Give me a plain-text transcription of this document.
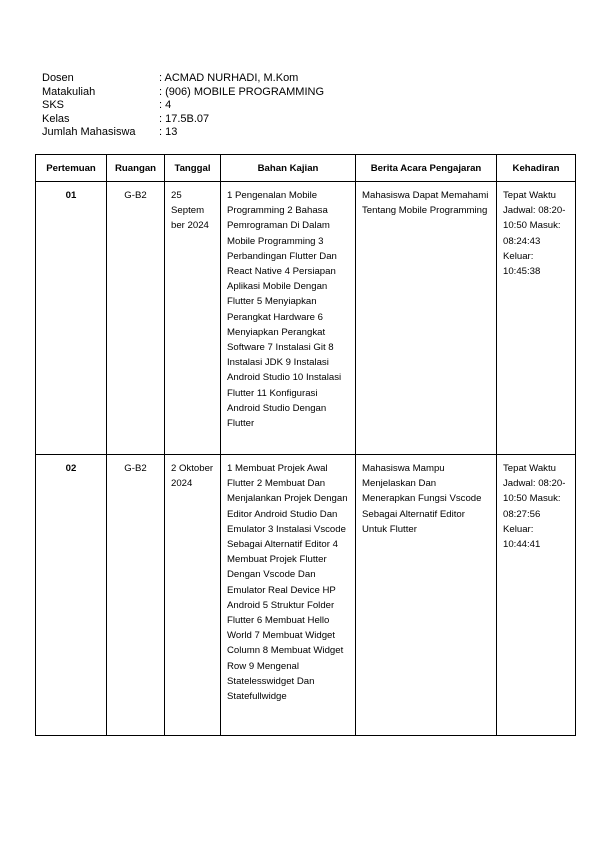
Dosen	: ACMAD NURHADI, M.Kom
Matakuliah	: (906) MOBILE PROGRAMMING
SKS	: 4
Kelas	: 17.5B.07
Jumlah Mahasiswa	: 13
Pertemuan	Ruangan	Tanggal	Bahan Kajian	Berita Acara Pengajaran	Kehadiran
01	G-B2	25 Septem ber 2024	1 Pengenalan Mobile Programming 2 Bahasa Pemrograman Di Dalam Mobile Programming 3 Perbandingan Flutter Dan React Native 4 Persiapan Aplikasi Mobile Dengan Flutter 5 Menyiapkan Perangkat Hardware 6 Menyiapkan Perangkat Software 7 Instalasi Git 8 Instalasi JDK 9 Instalasi Android Studio 10 Instalasi Flutter 11 Konfigurasi Android Studio Dengan Flutter	Mahasiswa Dapat Memahami Tentang Mobile Programming	Tepat Waktu Jadwal: 08:20-10:50 Masuk: 08:24:43 Keluar: 10:45:38
02	G-B2	2 Oktober 2024	1 Membuat Projek Awal Flutter 2 Membuat Dan Menjalankan Projek Dengan Editor Android Studio Dan Emulator 3 Instalasi Vscode Sebagai Alternatif Editor 4 Membuat Projek Flutter Dengan Vscode Dan Emulator Real Device HP Android 5 Struktur Folder Flutter 6 Membuat Hello World 7 Membuat Widget Column 8 Membuat Widget Row 9 Mengenal Statelesswidget Dan Statefullwidge	Mahasiswa Mampu Menjelaskan Dan Menerapkan Fungsi Vscode Sebagai Alternatif Editor Untuk Flutter	Tepat Waktu Jadwal: 08:20-10:50 Masuk: 08:27:56 Keluar: 10:44:41
